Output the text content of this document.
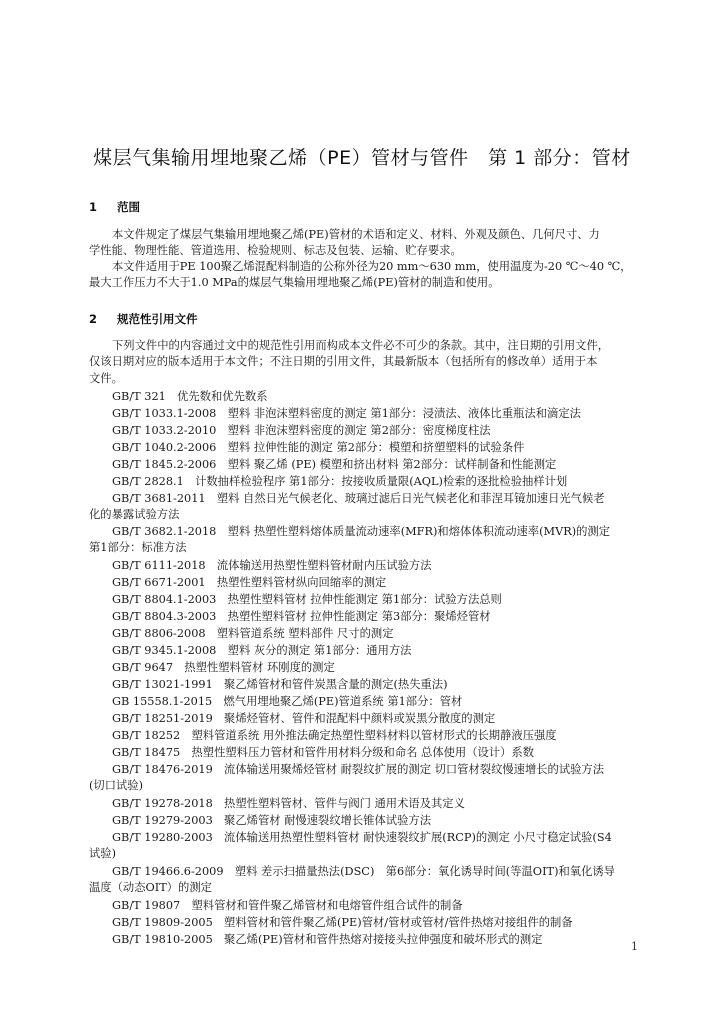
煤层气集输用埋地聚乙烯（PE）管材与管件　第 1 部分：管材
1 范围
本文件规定了煤层气集输用埋地聚乙烯(PE)管材的术语和定义、材料、外观及颜色、几何尺寸、力
学性能、物理性能、管道选用、检验规则、标志及包装、运输、贮存要求。
本文件适用于PE 100聚乙烯混配料制造的公称外径为20 mm～630 mm，使用温度为-20 ℃～40 ℃，
最大工作压力不大于1.0 MPa的煤层气集输用埋地聚乙烯(PE)管材的制造和使用。
2 规范性引用文件
下列文件中的内容通过文中的规范性引用而构成本文件必不可少的条款。其中，注日期的引用文件，
仅该日期对应的版本适用于本文件；不注日期的引用文件，其最新版本（包括所有的修改单）适用于本
文件。
GB/T 321　优先数和优先数系
GB/T 1033.1-2008　塑料 非泡沫塑料密度的测定 第1部分：浸渍法、液体比重瓶法和滴定法
GB/T 1033.2-2010　塑料 非泡沫塑料密度的测定 第2部分：密度梯度柱法
GB/T 1040.2-2006　塑料 拉伸性能的测定 第2部分：模塑和挤塑塑料的试验条件
GB/T 1845.2-2006　塑料 聚乙烯 (PE) 模塑和挤出材料 第2部分：试样制备和性能测定
GB/T 2828.1　计数抽样检验程序 第1部分：按接收质量限(AQL)检索的逐批检验抽样计划
GB/T 3681-2011　塑料 自然日光气候老化、玻璃过滤后日光气候老化和菲涅耳镜加速日光气候老
化的暴露试验方法
GB/T 3682.1-2018　塑料 热塑性塑料熔体质量流动速率(MFR)和熔体体积流动速率(MVR)的测定
第1部分：标准方法
GB/T 6111-2018　流体输送用热塑性塑料管材耐内压试验方法
GB/T 6671-2001　热塑性塑料管材纵向回缩率的测定
GB/T 8804.1-2003　热塑性塑料管材 拉伸性能测定 第1部分：试验方法总则
GB/T 8804.3-2003　热塑性塑料管材 拉伸性能测定 第3部分：聚烯烃管材
GB/T 8806-2008　塑料管道系统 塑料部件 尺寸的测定
GB/T 9345.1-2008　塑料 灰分的测定 第1部分：通用方法
GB/T 9647　热塑性塑料管材 环刚度的测定
GB/T 13021-1991　聚乙烯管材和管件炭黑含量的测定(热失重法)
GB 15558.1-2015　燃气用埋地聚乙烯(PE)管道系统 第1部分：管材
GB/T 18251-2019　聚烯烃管材、管件和混配料中颜料或炭黑分散度的测定
GB/T 18252　塑料管道系统 用外推法确定热塑性塑料材料以管材形式的长期静液压强度
GB/T 18475　热塑性塑料压力管材和管件用材料分级和命名 总体使用（设计）系数
GB/T 18476-2019　流体输送用聚烯烃管材 耐裂纹扩展的测定 切口管材裂纹慢速增长的试验方法
(切口试验)
GB/T 19278-2018　热塑性塑料管材、管件与阀门 通用术语及其定义
GB/T 19279-2003　聚乙烯管材 耐慢速裂纹增长锥体试验方法
GB/T 19280-2003　流体输送用热塑性塑料管材 耐快速裂纹扩展(RCP)的测定 小尺寸稳定试验(S4
试验)
GB/T 19466.6-2009　塑料 差示扫描量热法(DSC)　第6部分：氧化诱导时间(等温OIT)和氧化诱导
温度（动态OIT）的测定
GB/T 19807　塑料管材和管件聚乙烯管材和电熔管件组合试件的制备
GB/T 19809-2005　塑料管材和管件聚乙烯(PE)管材/管材或管材/管件热熔对接组件的制备
GB/T 19810-2005　聚乙烯(PE)管材和管件热熔对接接头拉伸强度和破坏形式的测定
1
